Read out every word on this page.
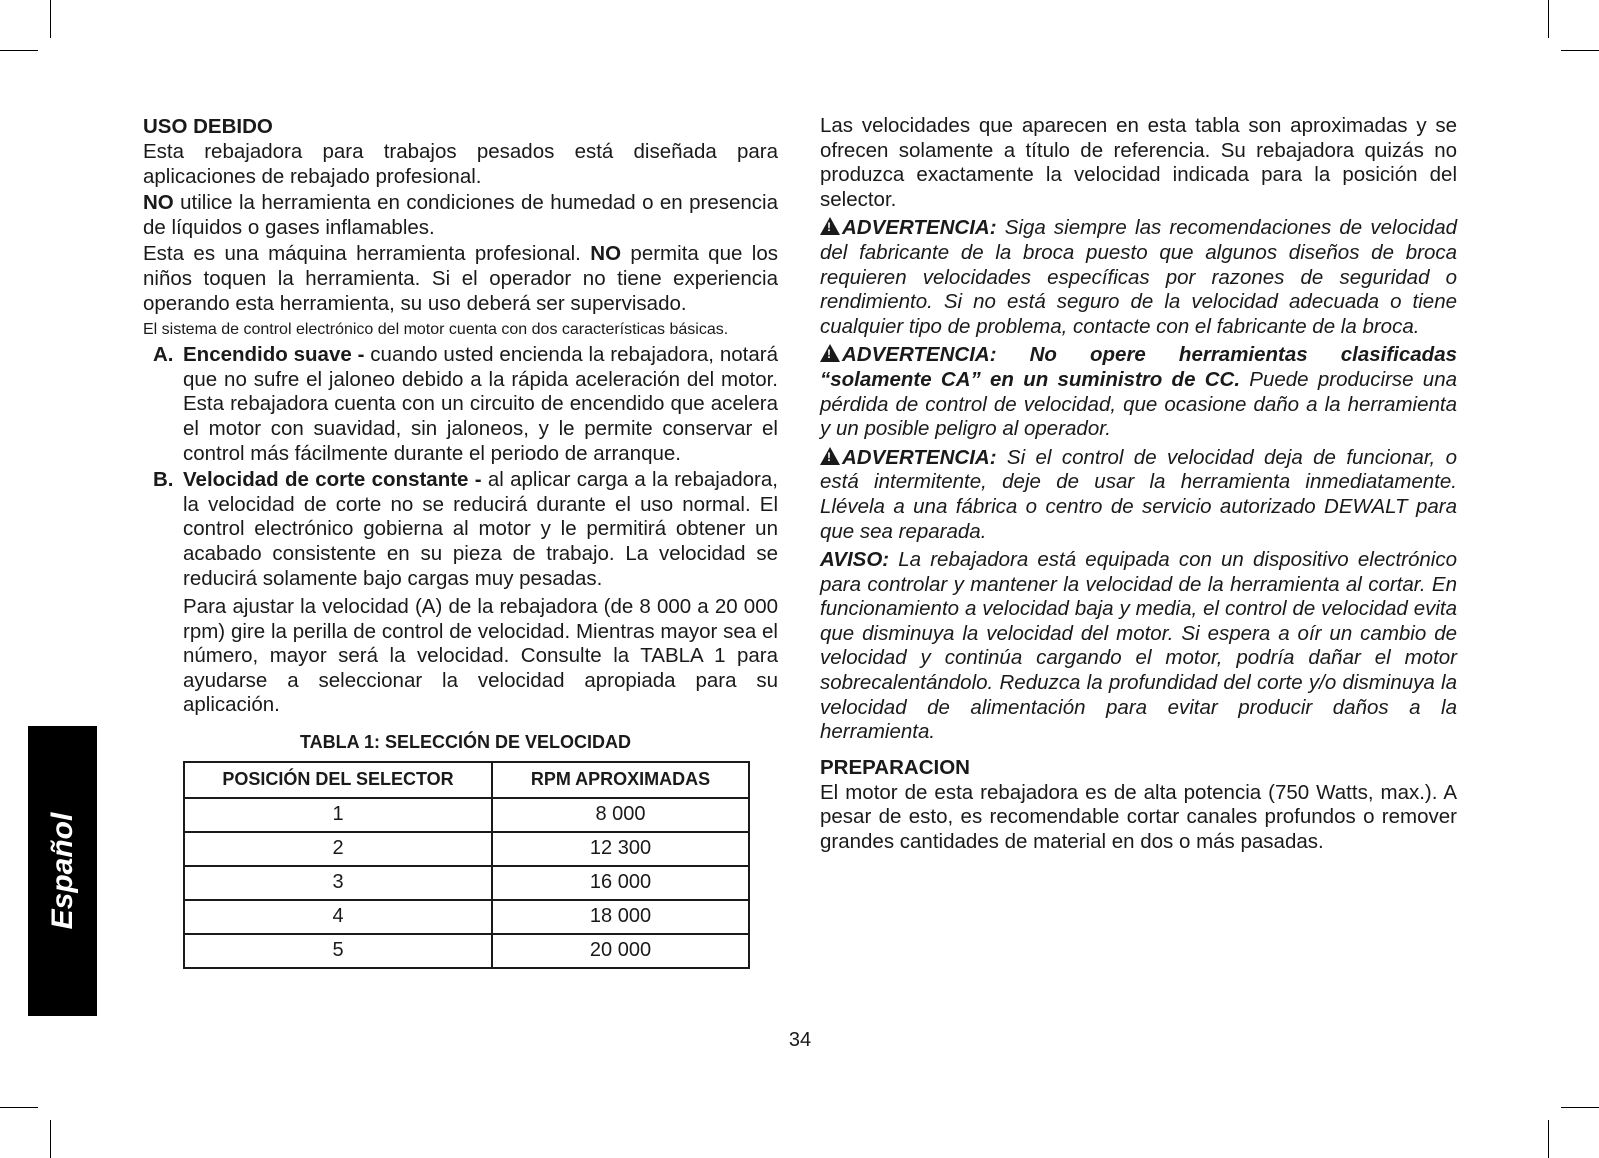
USO DEBIDO

Esta rebajadora para trabajos pesados está diseñada para aplicaciones de rebajado profesional.

NO utilice la herramienta en condiciones de humedad o en presencia de líquidos o gases inflamables.

Esta es una máquina herramienta profesional. NO permita que los niños toquen la herramienta. Si el operador no tiene experiencia operando esta herramienta, su uso deberá ser supervisado.

El sistema de control electrónico del motor cuenta con dos características básicas.

A. Encendido suave - cuando usted encienda la rebajadora, notará que no sufre el jaloneo debido a la rápida aceleración del motor. Esta rebajadora cuenta con un circuito de encendido que acelera el motor con suavidad, sin jaloneos, y le permite conservar el control más fácilmente durante el periodo de arranque.
B. Velocidad de corte constante - al aplicar carga a la rebajadora, la velocidad de corte no se reducirá durante el uso normal. El control electrónico gobierna al motor y le permitirá obtener un acabado consistente en su pieza de trabajo. La velocidad se reducirá solamente bajo cargas muy pesadas.

Para ajustar la velocidad (A) de la rebajadora (de 8 000 a 20 000 rpm) gire la perilla de control de velocidad. Mientras mayor sea el número, mayor será la velocidad. Consulte la TABLA 1 para ayudarse a seleccionar la velocidad apropiada para su aplicación.

TABLA 1: SELECCIÓN DE VELOCIDAD
POSICIÓN DEL SELECTOR	RPM APROXIMADAS
1	8 000
2	12 300
3	16 000
4	18 000
5	20 000

Las velocidades que aparecen en esta tabla son aproximadas y se ofrecen solamente a título de referencia. Su rebajadora quizás no produzca exactamente la velocidad indicada para la posición del selector.

!ADVERTENCIA: Siga siempre las recomendaciones de velocidad del fabricante de la broca puesto que algunos diseños de broca requieren velocidades específicas por razones de seguridad o rendimiento. Si no está seguro de la velocidad adecuada o tiene cualquier tipo de problema, contacte con el fabricante de la broca.

!ADVERTENCIA: No opere herramientas clasificadas “solamente CA” en un suministro de CC. Puede producirse una pérdida de control de velocidad, que ocasione daño a la herramienta y un posible peligro al operador.

!ADVERTENCIA: Si el control de velocidad deja de funcionar, o está intermitente, deje de usar la herramienta inmediatamente. Llévela a una fábrica o centro de servicio autorizado DEWALT para que sea reparada.

AVISO: La rebajadora está equipada con un dispositivo electrónico para controlar y mantener la velocidad de la herramienta al cortar. En funcionamiento a velocidad baja y media, el control de velocidad evita que disminuya la velocidad del motor. Si espera a oír un cambio de velocidad y continúa cargando el motor, podría dañar el motor sobrecalentándolo. Reduzca la profundidad del corte y/o disminuya la velocidad de alimentación para evitar producir daños a la herramienta.

PREPARACION

El motor de esta rebajadora es de alta potencia (750 Watts, max.). A pesar de esto, es recomendable cortar canales profundos o remover grandes cantidades de material en dos o más pasadas.

34
Español
